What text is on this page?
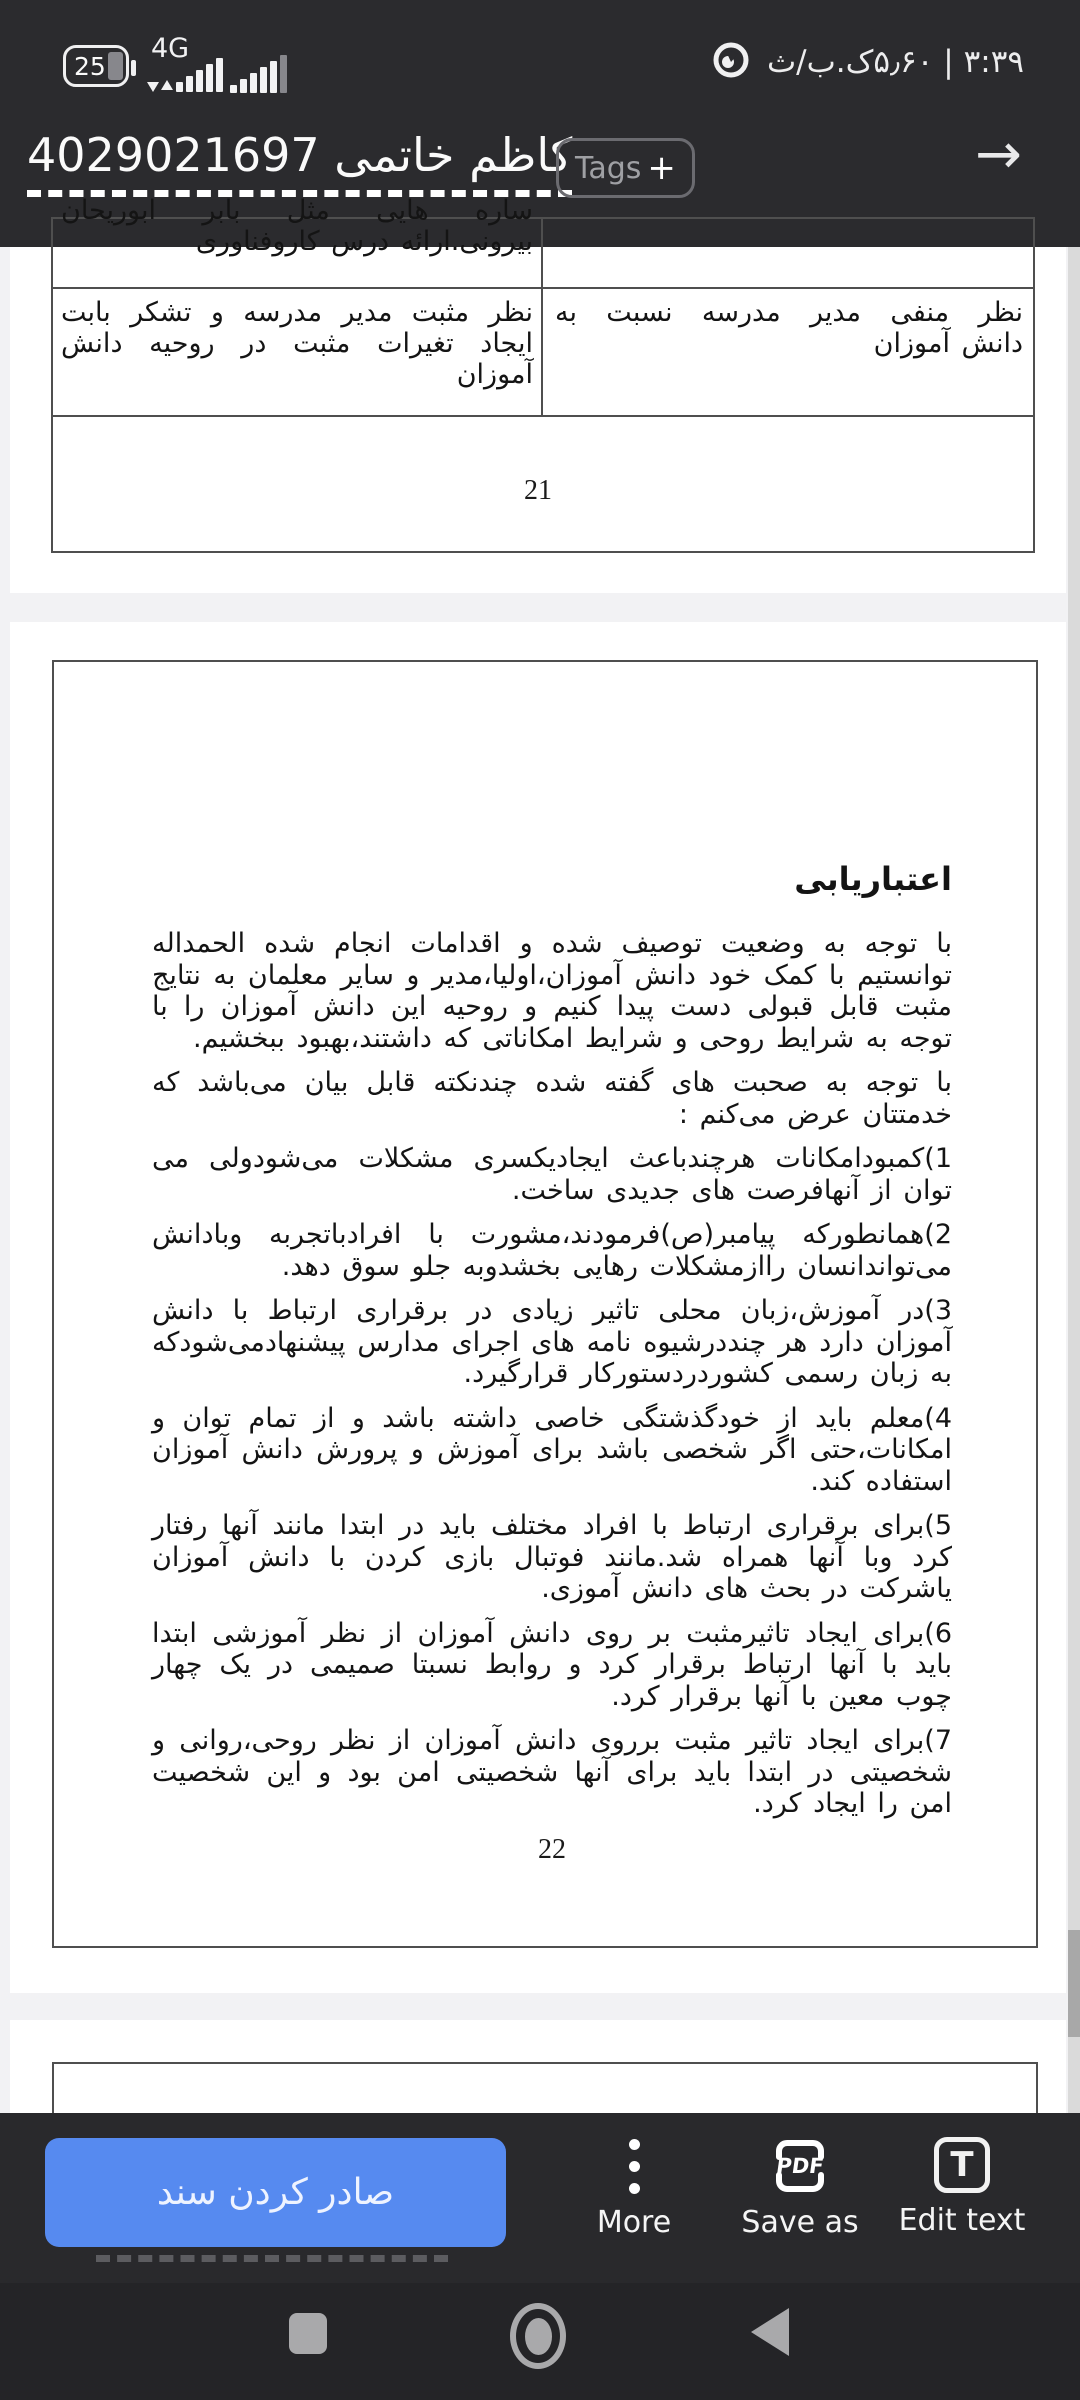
25
4G	۳:۳۹ | ۵٫۶۰ک.ب/ث
کاظم خاتمی 4029021697 Tags +	→
ساره هایی مثل بابر ابوریحان
بیرونی.ارائه درس کاروفناوری
نظر مثبت مدیر مدرسه و تشکر بابت
ایجاد تغیرات مثبت در روحیه دانش
آموزان
نظر منفی مدیر مدرسه نسبت به
دانش آموزان
21
اعتباریابی

با توجه به وضعیت توصیف شده و اقدامات انجام شده الحمداله توانستیم با کمک خود دانش آموزان،اولیا،مدیر و سایر معلمان به نتایج مثبت قابل قبولی دست پیدا کنیم و روحیه این دانش آموزان را با توجه به شرایط روحی و شرایط امکاناتی که داشتند،بهبود ببخشیم.

با توجه به صحبت های گفته شده چندنکته قابل بیان می‌باشد که خدمتتان عرض می‌کنم :

1)کمبودامکانات هرچندباعث ایجادیکسری مشکلات می‌شودولی می توان از آنهافرصت های جدیدی ساخت.

2)همانطورکه پیامبر(ص)فرمودند،مشورت با افرادباتجربه وبادانش می‌تواندانسان راازمشکلات رهایی بخشدوبه جلو سوق دهد.

3)در آموزش،زبان محلی تاثیر زیادی در برقراری ارتباط با دانش آموزان دارد هر چنددرشیوه نامه های اجرای مدارس پیشنهادمی‌شودکه به زبان رسمی کشوردردستورکار قرارگیرد.

4)معلم باید از خودگذشتگی خاصی داشته باشد و از تمام توان و امکانات،حتی اگر شخصی باشد برای آموزش و پرورش دانش آموزان استفاده کند.

5)برای برقراری ارتباط با افراد مختلف باید در ابتدا مانند آنها رفتار کرد وبا آنها همراه شد.مانند فوتبال بازی کردن با دانش آموزان یاشرکت در بحث های دانش آموزی.

6)برای ایجاد تاثیرمثبت بر روی دانش آموزان از نظر آموزشی ابتدا باید با آنها ارتباط برقرار کرد و روابط نسبتا صمیمی در یک چهار چوب معین با آنها برقرار کرد.

7)برای ایجاد تاثیر مثبت برروی دانش آموزان از نظر روحی،روانی و شخصیتی در ابتدا باید برای آنها شخصیتی امن بود و این شخصیت امن را ایجاد کرد.

22
صادر کردن سند
More
PDF
Save as
T
Edit text
